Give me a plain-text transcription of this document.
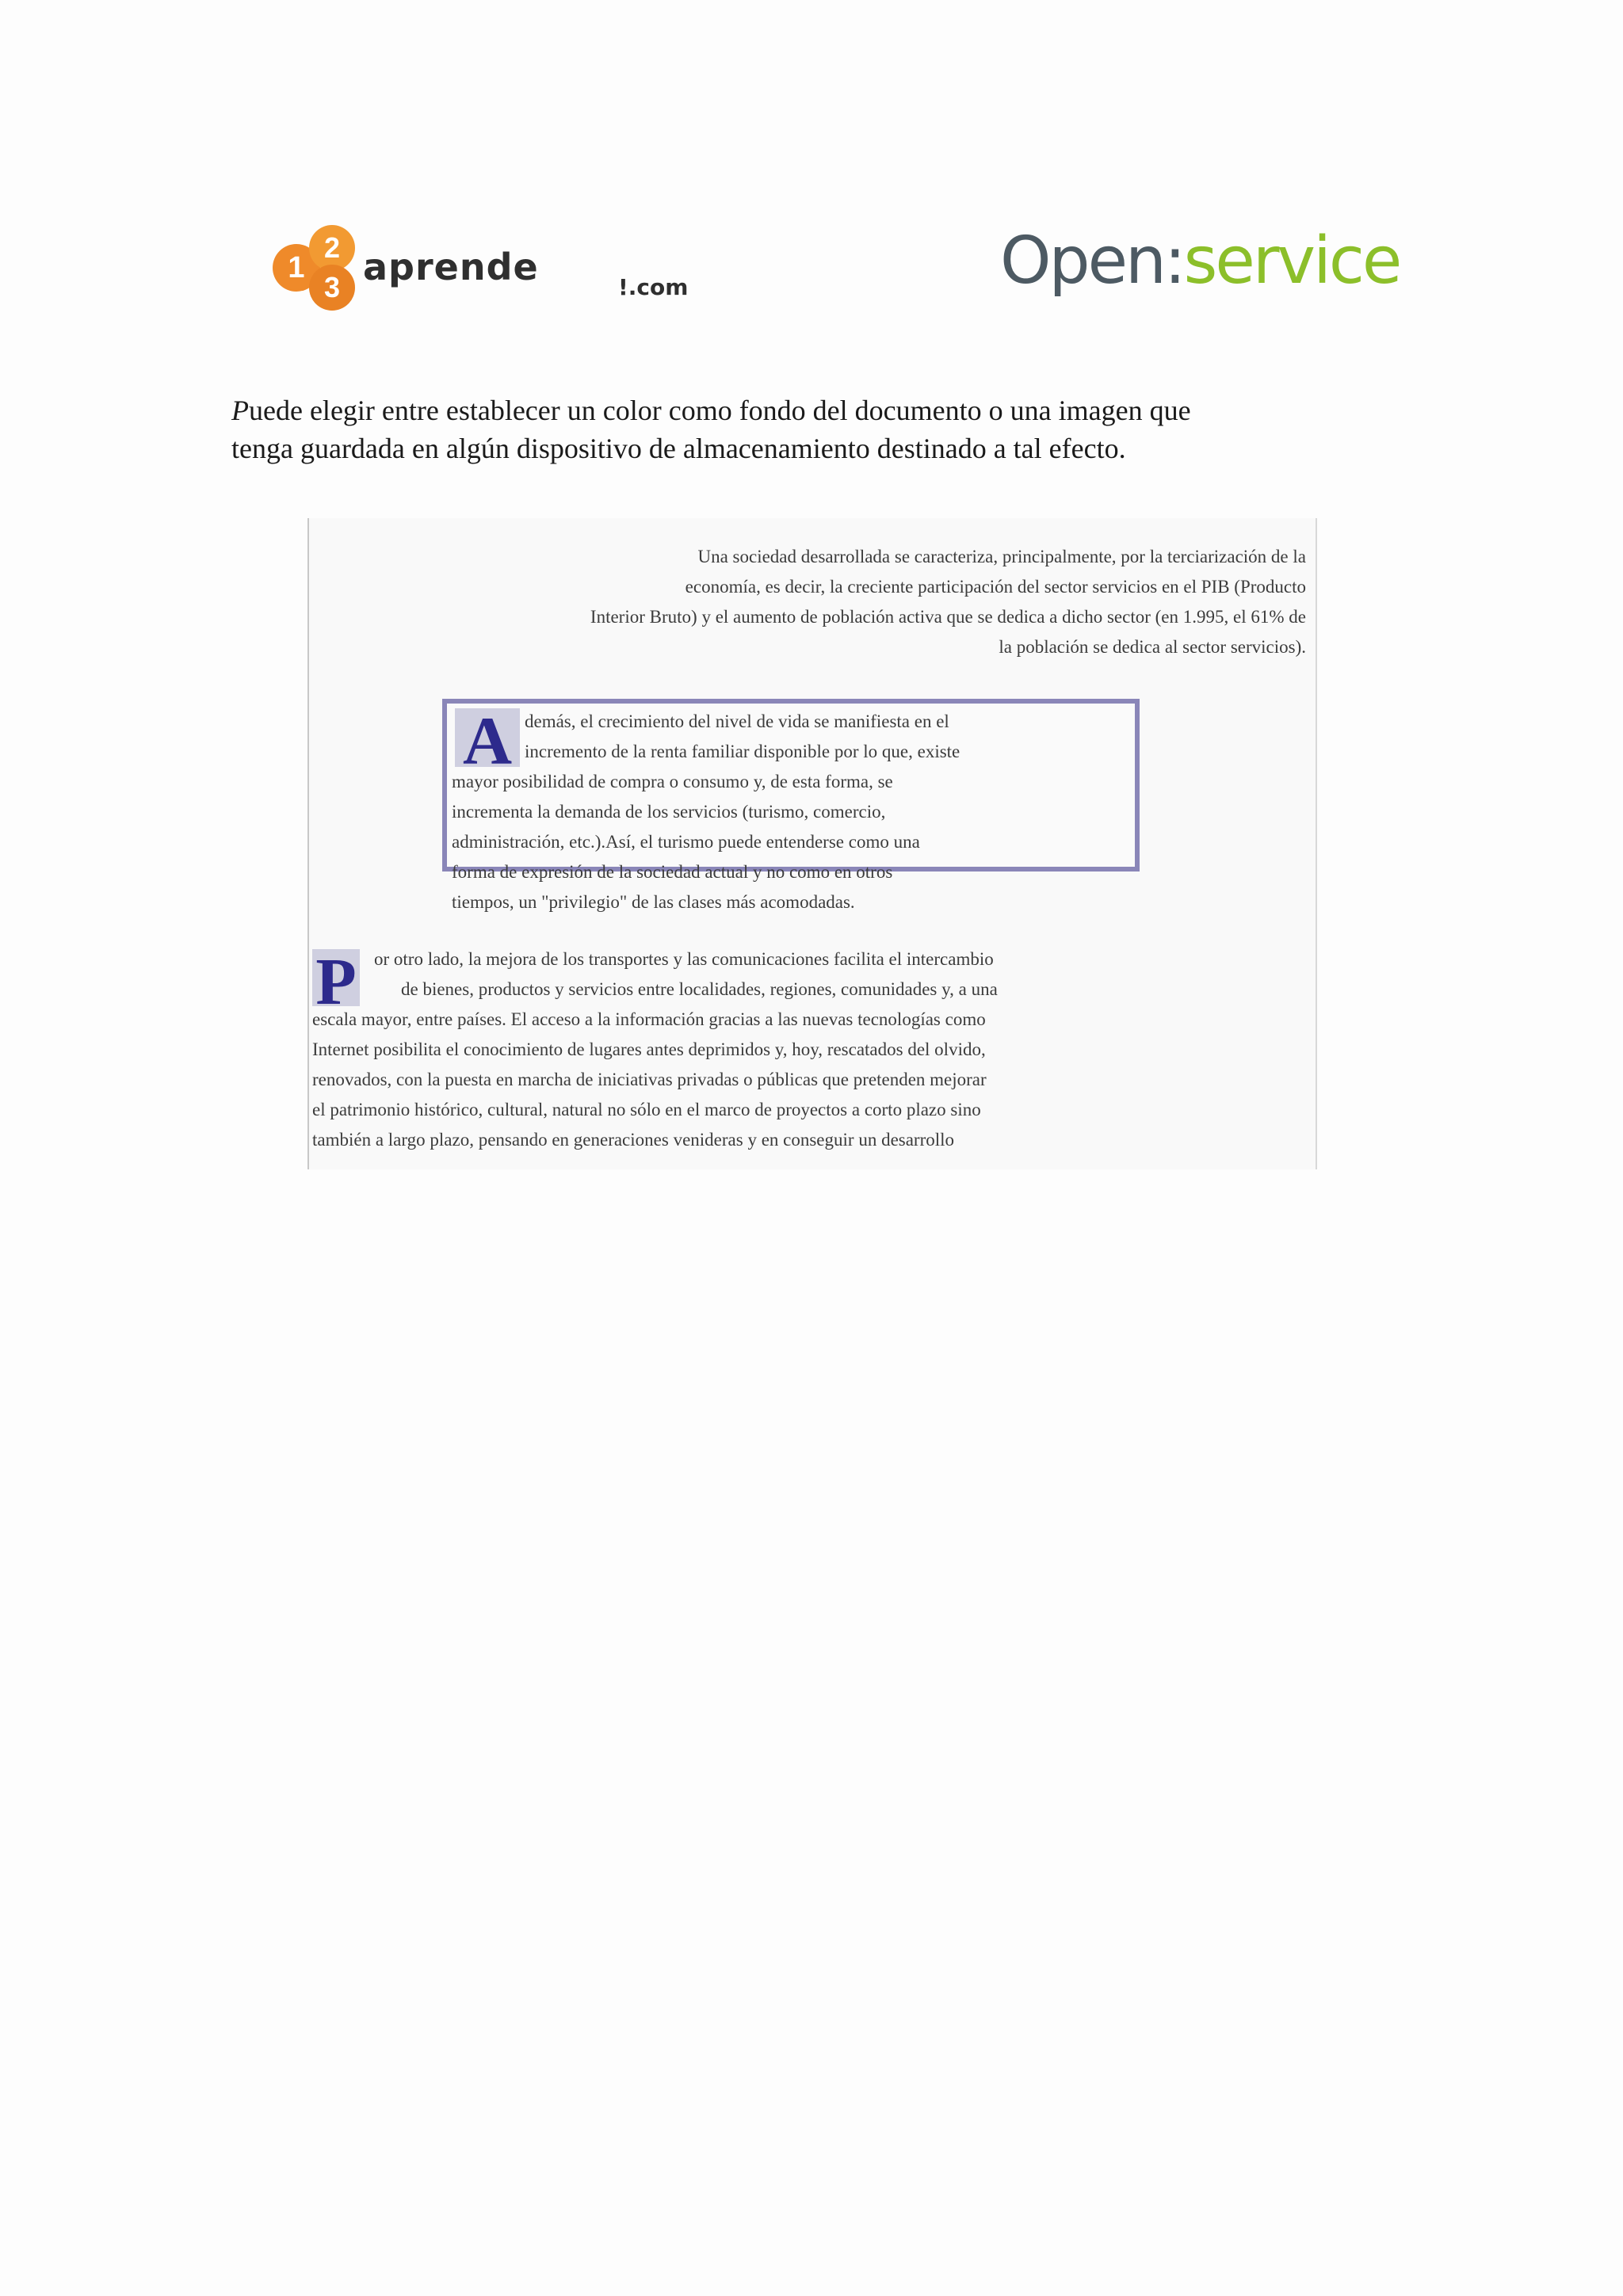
1
2
3 aprende	!.com	Open:service

Puede elegir entre establecer un color como fondo del documento o una imagen que
tenga guardada en algún dispositivo de almacenamiento destinado a tal efecto.

Una sociedad desarrollada se caracteriza, principalmente, por la terciarización de la
economía, es decir, la creciente participación del sector servicios en el PIB (Producto
Interior Bruto) y el aumento de población activa que se dedica a dicho sector (en 1.995, el 61% de
la población se dedica al sector servicios).
A demás, el crecimiento del nivel de vida se manifiesta en el
incremento de la renta familiar disponible por lo que, existe
mayor posibilidad de compra o consumo y, de esta forma, se
incrementa la demanda de los servicios (turismo, comercio,
administración, etc.).Así, el turismo puede entenderse como una
forma de expresión de la sociedad actual y no como en otros
tiempos, un "privilegio" de las clases más acomodadas.
P or otro lado, la mejora de los transportes y las comunicaciones facilita el intercambio
de bienes, productos y servicios entre localidades, regiones, comunidades y, a una
escala mayor, entre países. El acceso a la información gracias a las nuevas tecnologías como
Internet posibilita el conocimiento de lugares antes deprimidos y, hoy, rescatados del olvido,
renovados, con la puesta en marcha de iniciativas privadas o públicas que pretenden mejorar
el patrimonio histórico, cultural, natural no sólo en el marco de proyectos a corto plazo sino
también a largo plazo, pensando en generaciones venideras y en conseguir un desarrollo
